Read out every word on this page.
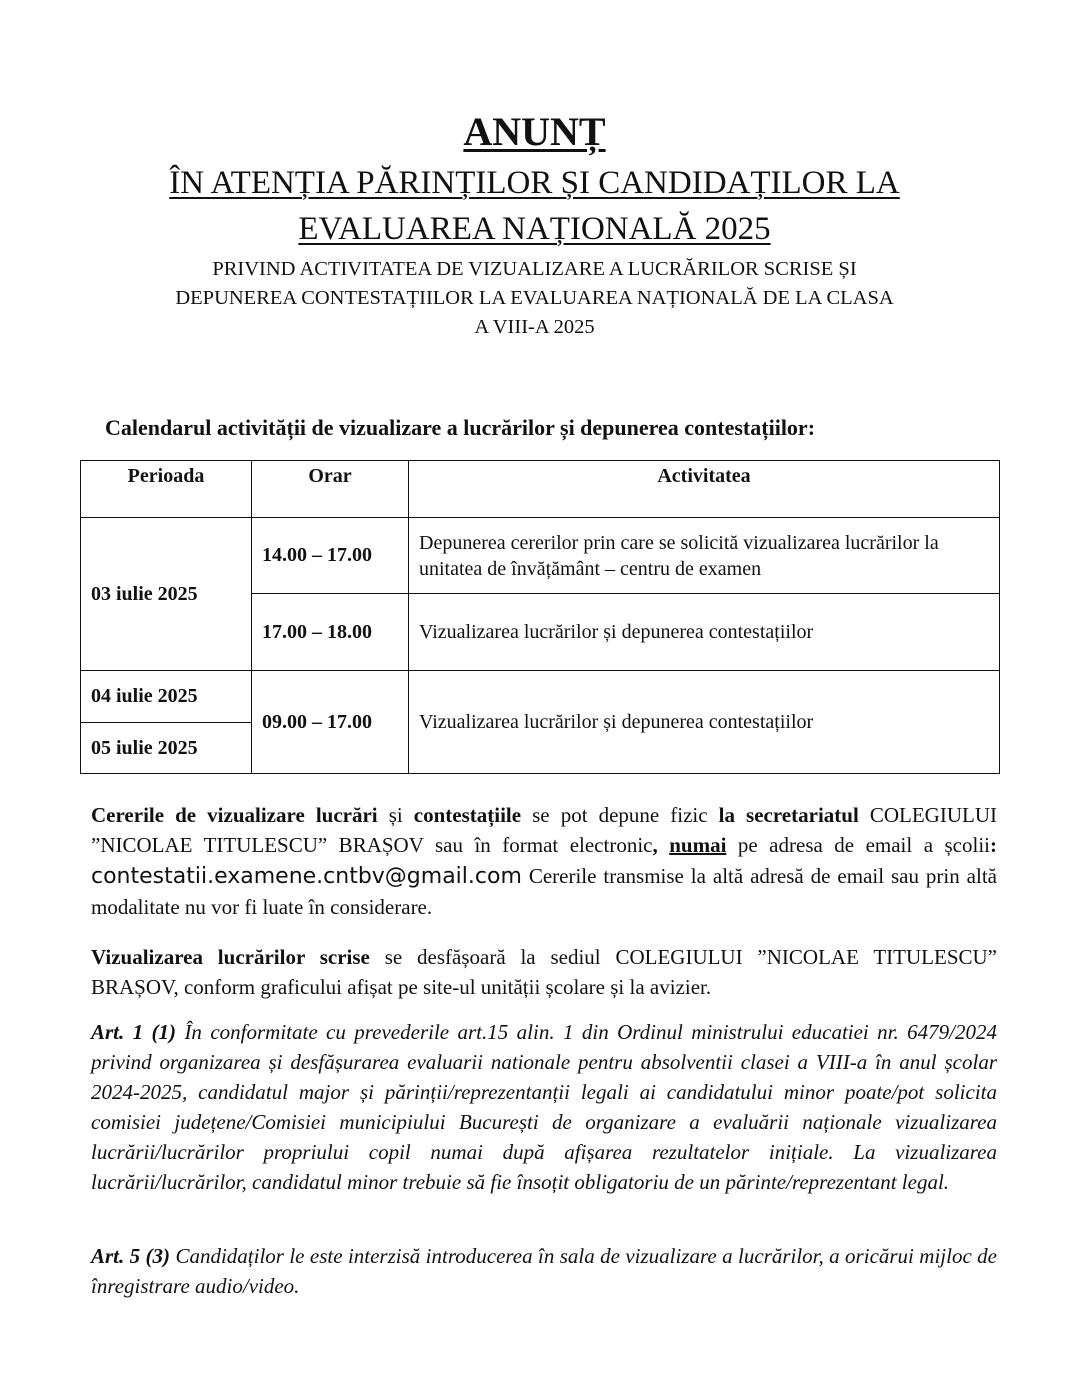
ANUNȚ
ÎN ATENȚIA PĂRINȚILOR ȘI CANDIDAȚILOR LA
EVALUAREA NAȚIONALĂ 2025
PRIVIND ACTIVITATEA DE VIZUALIZARE A LUCRĂRILOR SCRISE ȘI
DEPUNEREA CONTESTAȚIILOR LA EVALUAREA NAȚIONALĂ DE LA CLASA
A VIII-A 2025
Calendarul activității de vizualizare a lucrărilor și depunerea contestațiilor:
Perioada	Orar	Activitatea
03 iulie 2025	14.00 – 17.00	Depunerea cererilor prin care se solicită vizualizarea lucrărilor la unitatea de învățământ – centru de examen
	17.00 – 18.00	Vizualizarea lucrărilor și depunerea contestațiilor
04 iulie 2025	09.00 – 17.00	Vizualizarea lucrărilor și depunerea contestațiilor
05 iulie 2025		
Cererile de vizualizare lucrări și contestațiile se pot depune fizic la secretariatul COLEGIULUI ”NICOLAE TITULESCU” BRAȘOV sau în format electronic, numai pe adresa de email a școlii: contestatii.examene.cntbv@gmail.com Cererile transmise la altă adresă de email sau prin altă modalitate nu vor fi luate în considerare.
Vizualizarea lucrărilor scrise se desfășoară la sediul COLEGIULUI ”NICOLAE TITULESCU” BRAȘOV, conform graficului afișat pe site-ul unității școlare și la avizier.
Art. 1 (1) În conformitate cu prevederile art.15 alin. 1 din Ordinul ministrului educatiei nr. 6479/2024 privind organizarea și desfășurarea evaluarii nationale pentru absolventii clasei a VIII-a în anul școlar 2024-2025, candidatul major și părinții/reprezentanții legali ai candidatului minor poate/pot solicita comisiei județene/Comisiei municipiului București de organizare a evaluării naționale vizualizarea lucrării/lucrărilor propriului copil numai după afișarea rezultatelor inițiale. La vizualizarea lucrării/lucrărilor, candidatul minor trebuie să fie însoțit obligatoriu de un părinte/reprezentant legal.
Art. 5 (3) Candidaților le este interzisă introducerea în sala de vizualizare a lucrărilor, a oricărui mijloc de înregistrare audio/video.
